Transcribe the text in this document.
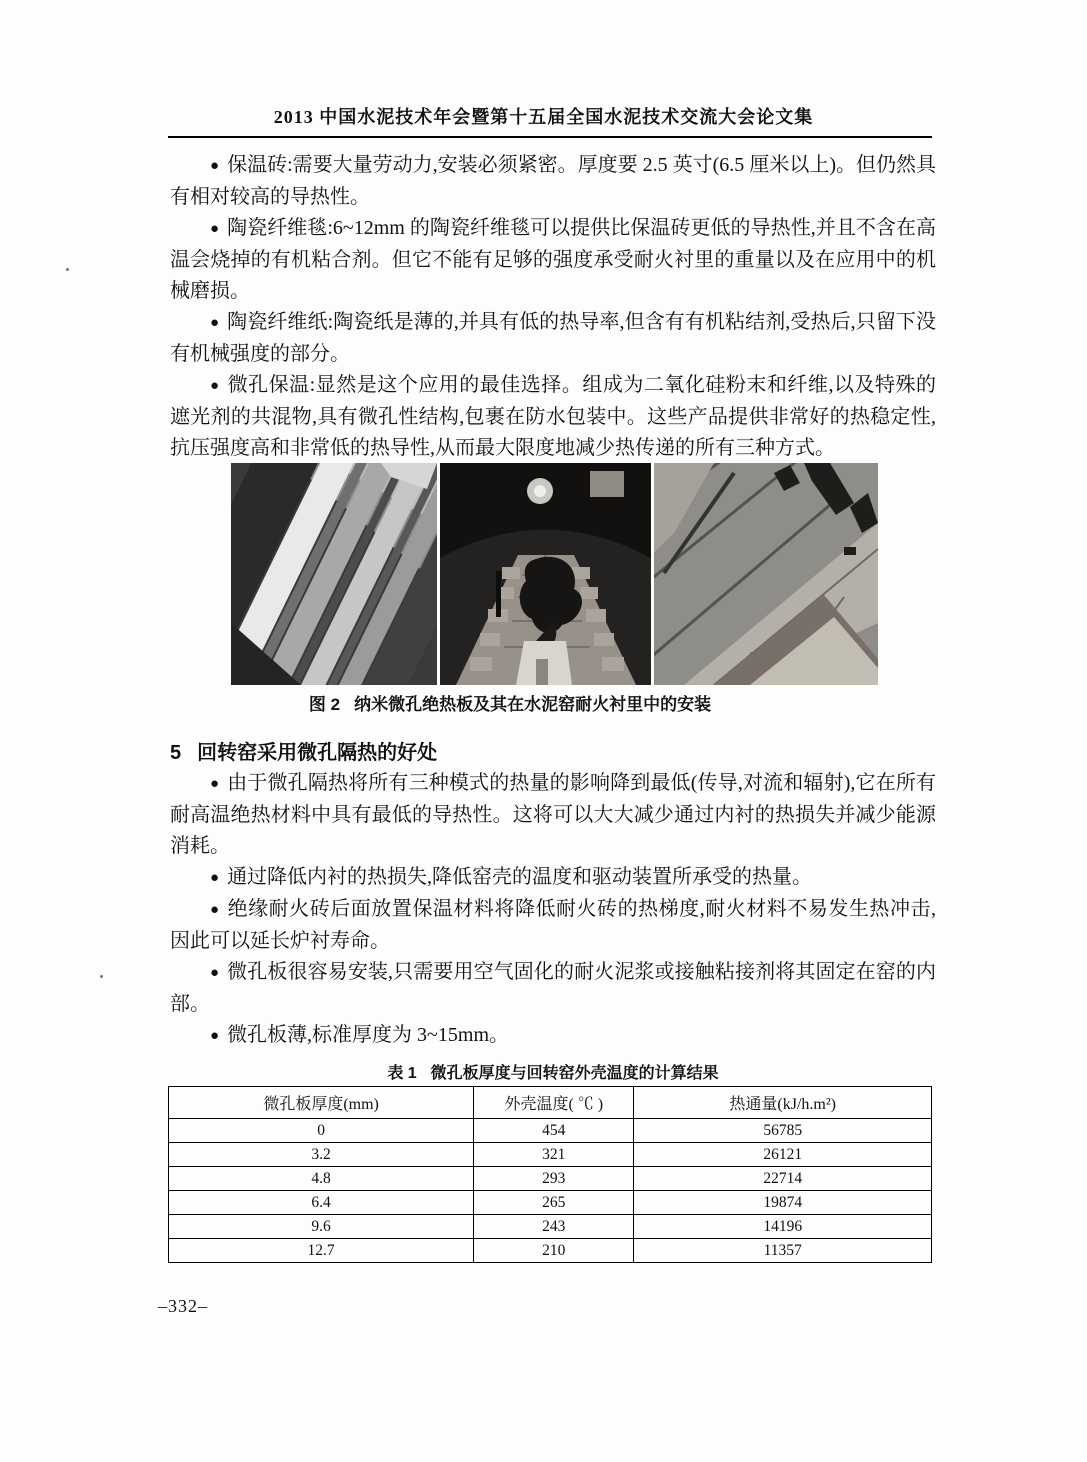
2013 中国水泥技术年会暨第十五届全国水泥技术交流大会论文集

● 保温砖:需要大量劳动力,安装必须紧密。厚度要 2.5 英寸(6.5 厘米以上)。但仍然具有相对较高的导热性。

● 陶瓷纤维毯:6~12mm 的陶瓷纤维毯可以提供比保温砖更低的导热性,并且不含在高温会烧掉的有机粘合剂。但它不能有足够的强度承受耐火衬里的重量以及在应用中的机械磨损。

● 陶瓷纤维纸:陶瓷纸是薄的,并具有低的热导率,但含有有机粘结剂,受热后,只留下没有机械强度的部分。

● 微孔保温:显然是这个应用的最佳选择。组成为二氧化硅粉末和纤维,以及特殊的遮光剂的共混物,具有微孔性结构,包裹在防水包装中。这些产品提供非常好的热稳定性,抗压强度高和非常低的热导性,从而最大限度地减少热传递的所有三种方式。

图 2 纳米微孔绝热板及其在水泥窑耐火衬里中的安装
5 回转窑采用微孔隔热的好处

● 由于微孔隔热将所有三种模式的热量的影响降到最低(传导,对流和辐射),它在所有耐高温绝热材料中具有最低的导热性。这将可以大大减少通过内衬的热损失并减少能源消耗。

● 通过降低内衬的热损失,降低窑壳的温度和驱动装置所承受的热量。

● 绝缘耐火砖后面放置保温材料将降低耐火砖的热梯度,耐火材料不易发生热冲击,因此可以延长炉衬寿命。

● 微孔板很容易安装,只需要用空气固化的耐火泥浆或接触粘接剂将其固定在窑的内部。

● 微孔板薄,标准厚度为 3~15mm。

表 1 微孔板厚度与回转窑外壳温度的计算结果
微孔板厚度(mm)	外壳温度( ℃ )	热通量(kJ/h.m²)
0	454	56785
3.2	321	26121
4.8	293	22714
6.4	265	19874
9.6	243	14196
12.7	210	11357
–332–
